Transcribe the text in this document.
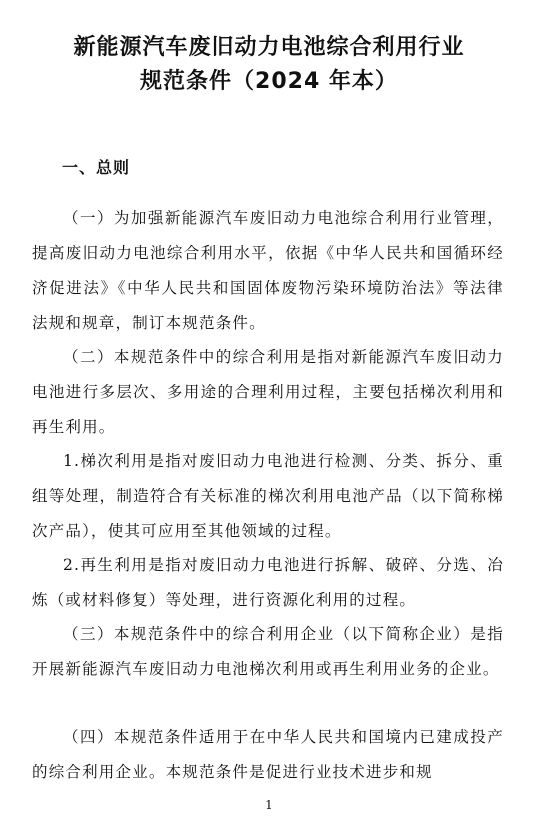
新能源汽车废旧动力电池综合利用行业
规范条件（2024 年本）
一、总则

（一）为加强新能源汽车废旧动力电池综合利用行业管理，提高废旧动力电池综合利用水平，依据《中华人民共和国循环经济促进法》《中华人民共和国固体废物污染环境防治法》等法律法规和规章，制订本规范条件。

（二）本规范条件中的综合利用是指对新能源汽车废旧动力电池进行多层次、多用途的合理利用过程，主要包括梯次利用和再生利用。

1.梯次利用是指对废旧动力电池进行检测、分类、拆分、重组等处理，制造符合有关标准的梯次利用电池产品（以下简称梯次产品），使其可应用至其他领域的过程。

2.再生利用是指对废旧动力电池进行拆解、破碎、分选、冶炼（或材料修复）等处理，进行资源化利用的过程。

（三）本规范条件中的综合利用企业（以下简称企业）是指开展新能源汽车废旧动力电池梯次利用或再生利用业务的企业。

（四）本规范条件适用于在中华人民共和国境内已建成投产的综合利用企业。本规范条件是促进行业技术进步和规

1
